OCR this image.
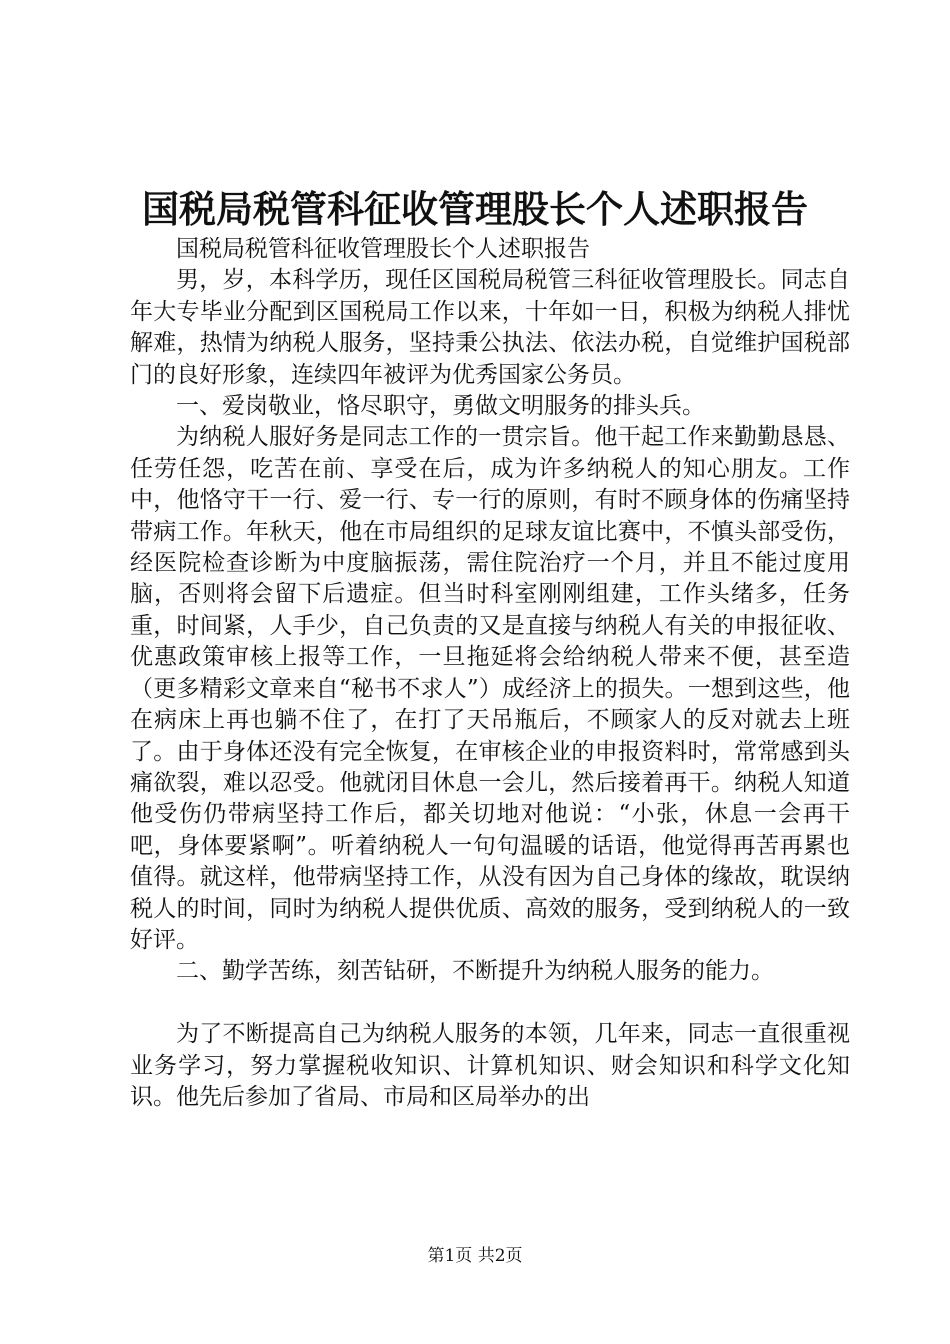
国税局税管科征收管理股长个人述职报告

国税局税管科征收管理股长个人述职报告

男，岁，本科学历，现任区国税局税管三科征收管理股长。同志自年大专毕业分配到区国税局工作以来，十年如一日，积极为纳税人排忧解难，热情为纳税人服务，坚持秉公执法、依法办税，自觉维护国税部门的良好形象，连续四年被评为优秀国家公务员。

一、爱岗敬业，恪尽职守，勇做文明服务的排头兵。

为纳税人服好务是同志工作的一贯宗旨。他干起工作来勤勤恳恳、任劳任怨，吃苦在前、享受在后，成为许多纳税人的知心朋友。工作中，他恪守干一行、爱一行、专一行的原则，有时不顾身体的伤痛坚持带病工作。年秋天，他在市局组织的足球友谊比赛中，不慎头部受伤，经医院检查诊断为中度脑振荡，需住院治疗一个月，并且不能过度用脑，否则将会留下后遗症。但当时科室刚刚组建，工作头绪多，任务重，时间紧，人手少，自己负责的又是直接与纳税人有关的申报征收、优惠政策审核上报等工作，一旦拖延将会给纳税人带来不便，甚至造（更多精彩文章来自“秘书不求人”）成经济上的损失。一想到这些，他在病床上再也躺不住了，在打了天吊瓶后，不顾家人的反对就去上班了。由于身体还没有完全恢复，在审核企业的申报资料时，常常感到头痛欲裂，难以忍受。他就闭目休息一会儿，然后接着再干。纳税人知道他受伤仍带病坚持工作后，都关切地对他说：“小张，休息一会再干吧，身体要紧啊”。听着纳税人一句句温暖的话语，他觉得再苦再累也值得。就这样，他带病坚持工作，从没有因为自己身体的缘故，耽误纳税人的时间，同时为纳税人提供优质、高效的服务，受到纳税人的一致好评。

二、勤学苦练，刻苦钻研，不断提升为纳税人服务的能力。

为了不断提高自己为纳税人服务的本领，几年来，同志一直很重视业务学习，努力掌握税收知识、计算机知识、财会知识和科学文化知识。他先后参加了省局、市局和区局举办的出

第1页 共2页
